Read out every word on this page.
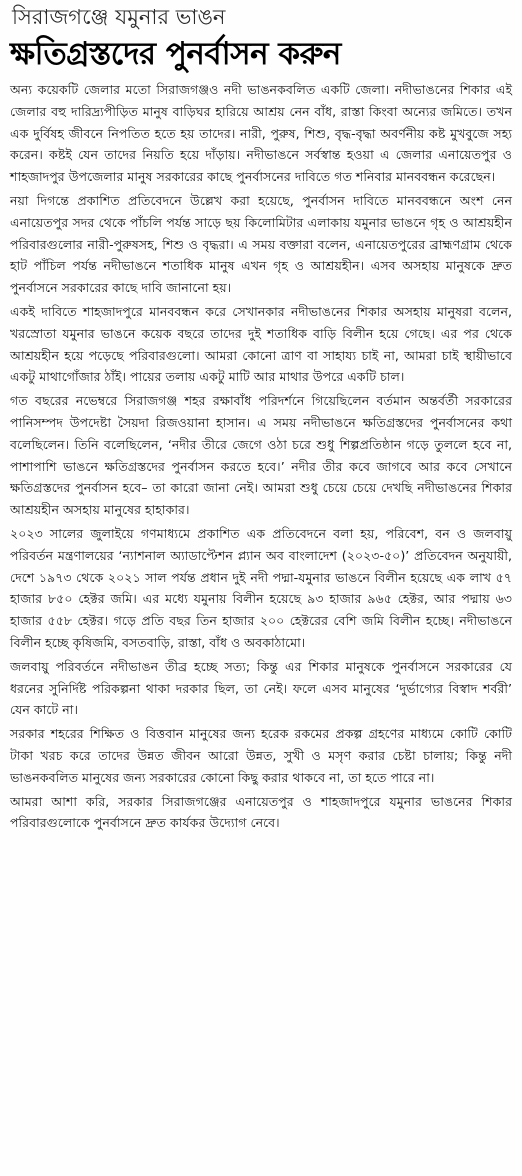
সিরাজগঞ্জে যমুনার ভাঙন
ক্ষতিগ্রস্তদের পুনর্বাসন করুন

অন্য কয়েকটি জেলার মতো সিরাজগঞ্জও নদী ভাঙনকবলিত একটি জেলা। নদীভাঙনের শিকার এই জেলার বহু দারিদ্র্যপীড়িত মানুষ বাড়িঘর হারিয়ে আশ্রয় নেন বাঁধ, রাস্তা কিংবা অন্যের জমিতে। তখন এক দুর্বিষহ জীবনে নিপতিত হতে হয় তাদের। নারী, পুরুষ, শিশু, বৃদ্ধ-বৃদ্ধা অবর্ণনীয় কষ্ট মুখবুজে সহ্য করেন। কষ্টই যেন তাদের নিয়তি হয়ে দাঁড়ায়। নদীভাঙনে সর্বস্বান্ত হওয়া এ জেলার এনায়েতপুর ও শাহজাদপুর উপজেলার মানুষ সরকারের কাছে পুনর্বাসনের দাবিতে গত শনিবার মানববন্ধন করেছেন।

নয়া দিগন্তে প্রকাশিত প্রতিবেদনে উল্লেখ করা হয়েছে, পুনর্বাসন দাবিতে মানববন্ধনে অংশ নেন এনায়েতপুর সদর থেকে পাঁচলি পর্যন্ত সাড়ে ছয় কিলোমিটার এলাকায় যমুনার ভাঙনে গৃহ ও আশ্রয়হীন পরিবারগুলোর নারী-পুরুষসহ, শিশু ও বৃদ্ধরা। এ সময় বক্তারা বলেন, এনায়েতপুরের ব্রাহ্মণগ্রাম থেকে হাট পাঁচিল পর্যন্ত নদীভাঙনে শতাধিক মানুষ এখন গৃহ ও আশ্রয়হীন। এসব অসহায় মানুষকে দ্রুত পুনর্বাসনে সরকারের কাছে দাবি জানানো হয়।

একই দাবিতে শাহজাদপুরে মানববন্ধন করে সেখানকার নদীভাঙনের শিকার অসহায় মানুষরা বলেন, খরস্রোতা যমুনার ভাঙনে কয়েক বছরে তাদের দুই শতাধিক বাড়ি বিলীন হয়ে গেছে। এর পর থেকে আশ্রয়হীন হয়ে পড়েছে পরিবারগুলো। আমরা কোনো ত্রাণ বা সাহায্য চাই না, আমরা চাই স্থায়ীভাবে একটু মাথাগোঁজার ঠাঁই। পায়ের তলায় একটু মাটি আর মাথার উপরে একটি চাল।

গত বছরের নভেম্বরে সিরাজগঞ্জ শহর রক্ষাবাঁধ পরিদর্শনে গিয়েছিলেন বর্তমান অন্তর্বর্তী সরকারের পানিসম্পদ উপদেষ্টা সৈয়দা রিজওয়ানা হাসান। এ সময় নদীভাঙনে ক্ষতিগ্রস্তদের পুনর্বাসনের কথা বলেছিলেন। তিনি বলেছিলেন, ‘নদীর তীরে জেগে ওঠা চরে শুধু শিল্পপ্রতিষ্ঠান গড়ে তুললে হবে না, পাশাপাশি ভাঙনে ক্ষতিগ্রস্তদের পুনর্বাসন করতে হবে।’ নদীর তীর কবে জাগবে আর কবে সেখানে ক্ষতিগ্রস্তদের পুনর্বাসন হবে– তা কারো জানা নেই। আমরা শুধু চেয়ে চেয়ে দেখছি নদীভাঙনের শিকার আশ্রয়হীন অসহায় মানুষের হাহাকার।

২০২৩ সালের জুলাইয়ে গণমাধ্যমে প্রকাশিত এক প্রতিবেদনে বলা হয়, পরিবেশ, বন ও জলবায়ু পরিবর্তন মন্ত্রণালয়ের ‘ন্যাশনাল অ্যাডাপ্টেশন প্ল্যান অব বাংলাদেশ (২০২৩-৫০)’ প্রতিবেদন অনুযায়ী, দেশে ১৯৭৩ থেকে ২০২১ সাল পর্যন্ত প্রধান দুই নদী পদ্মা-যমুনার ভাঙনে বিলীন হয়েছে এক লাখ ৫৭ হাজার ৮৫০ হেক্টর জমি। এর মধ্যে যমুনায় বিলীন হয়েছে ৯৩ হাজার ৯৬৫ হেক্টর, আর পদ্মায় ৬৩ হাজার ৫৫৮ হেক্টর। গড়ে প্রতি বছর তিন হাজার ২০০ হেক্টরের বেশি জমি বিলীন হচ্ছে। নদীভাঙনে বিলীন হচ্ছে কৃষিজমি, বসতবাড়ি, রাস্তা, বাঁধ ও অবকাঠামো।

জলবায়ু পরিবর্তনে নদীভাঙন তীব্র হচ্ছে সত্য; কিন্তু এর শিকার মানুষকে পুনর্বাসনে সরকারের যে ধরনের সুনির্দিষ্ট পরিকল্পনা থাকা দরকার ছিল, তা নেই। ফলে এসব মানুষের ‘দুর্ভাগ্যের বিস্বাদ শর্বরী’ যেন কাটে না।

সরকার শহরের শিক্ষিত ও বিত্তবান মানুষের জন্য হরেক রকমের প্রকল্প গ্রহণের মাধ্যমে কোটি কোটি টাকা খরচ করে তাদের উন্নত জীবন আরো উন্নত, সুখী ও মসৃণ করার চেষ্টা চালায়; কিন্তু নদী ভাঙনকবলিত মানুষের জন্য সরকারের কোনো কিছু করার থাকবে না, তা হতে পারে না।

আমরা আশা করি, সরকার সিরাজগঞ্জের এনায়েতপুর ও শাহজাদপুরে যমুনার ভাঙনের শিকার পরিবারগুলোকে পুনর্বাসনে দ্রুত কার্যকর উদ্যোগ নেবে।
